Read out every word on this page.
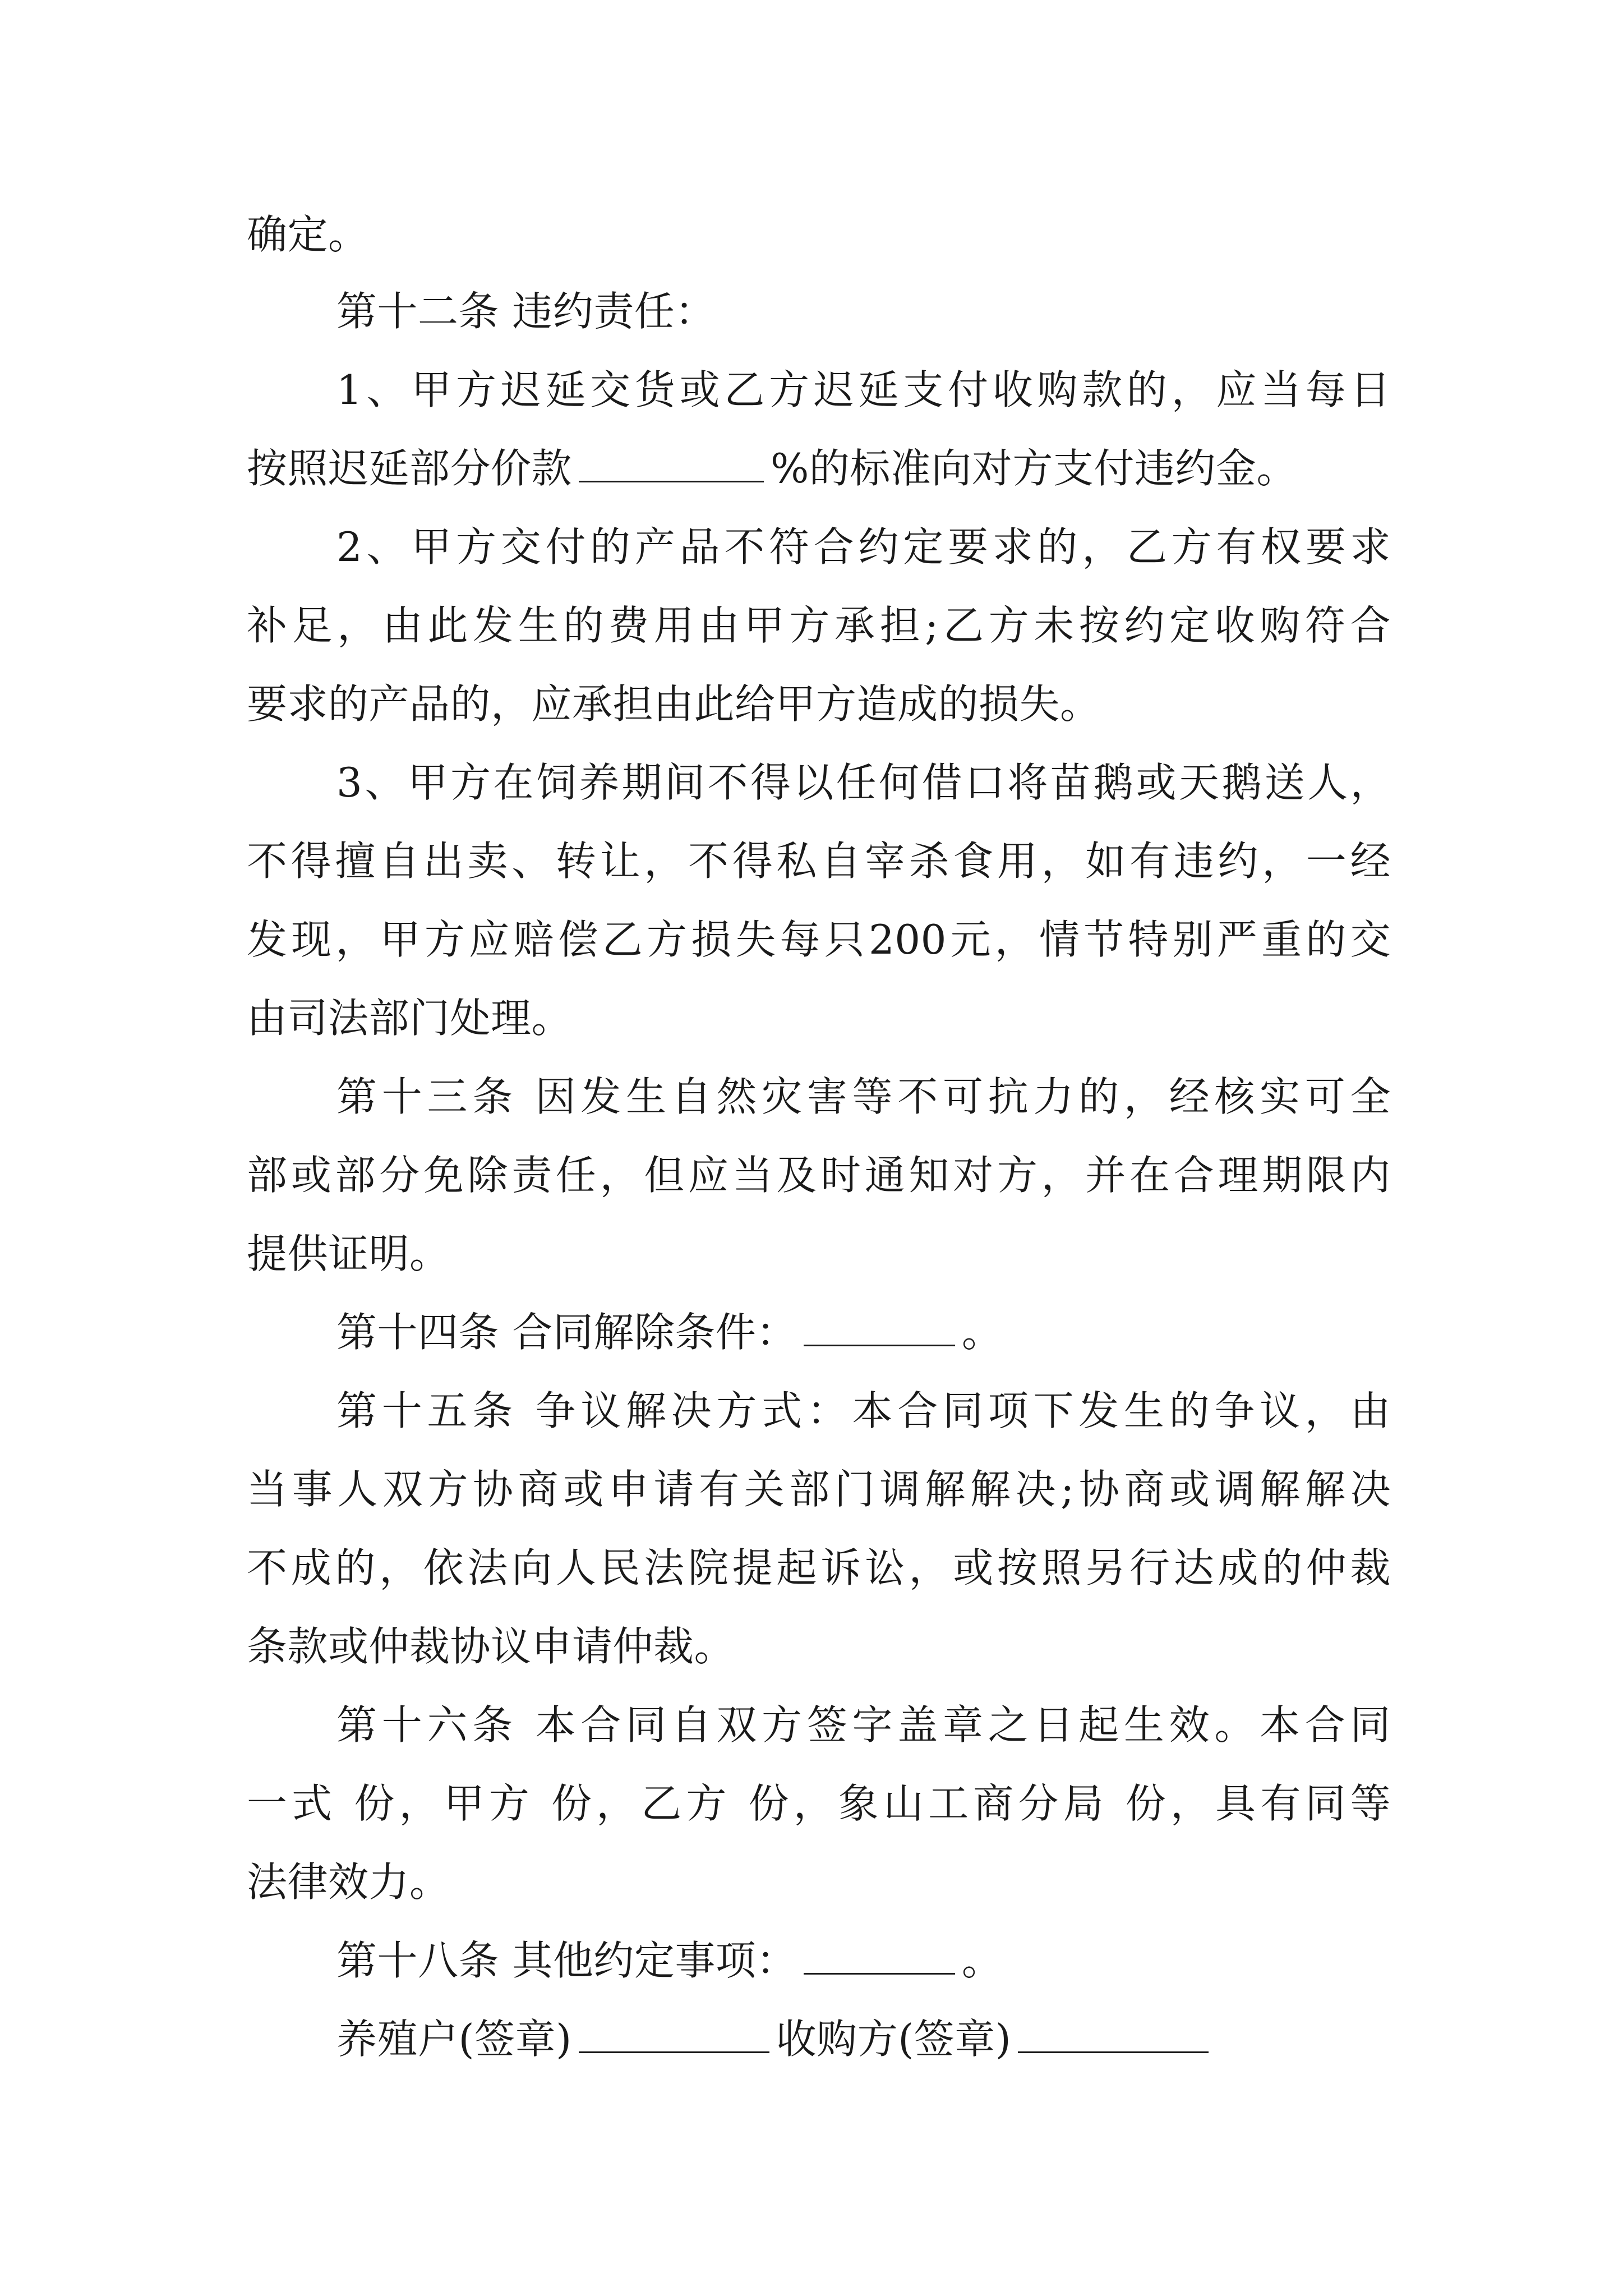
确定。
第十二条 违约责任：
1、甲方迟延交货或乙方迟延支付收购款的，应当每日
按照迟延部分价款	%的标准向对方支付违约金。
2、甲方交付的产品不符合约定要求的，乙方有权要求
补足，由此发生的费用由甲方承担;乙方未按约定收购符合
要求的产品的，应承担由此给甲方造成的损失。
3、甲方在饲养期间不得以任何借口将苗鹅或天鹅送人，
不得擅自出卖、转让，不得私自宰杀食用，如有违约，一经
发现，甲方应赔偿乙方损失每只200元，情节特别严重的交
由司法部门处理。
第十三条 因发生自然灾害等不可抗力的，经核实可全
部或部分免除责任，但应当及时通知对方，并在合理期限内
提供证明。
第十四条 合同解除条件：	。
第十五条 争议解决方式：本合同项下发生的争议，由
当事人双方协商或申请有关部门调解解决;协商或调解解决
不成的，依法向人民法院提起诉讼，或按照另行达成的仲裁
条款或仲裁协议申请仲裁。
第十六条 本合同自双方签字盖章之日起生效。本合同
一式 份，甲方 份，乙方 份，象山工商分局 份，具有同等
法律效力。
第十八条 其他约定事项：	。
养殖户(签章)	收购方(签章)
